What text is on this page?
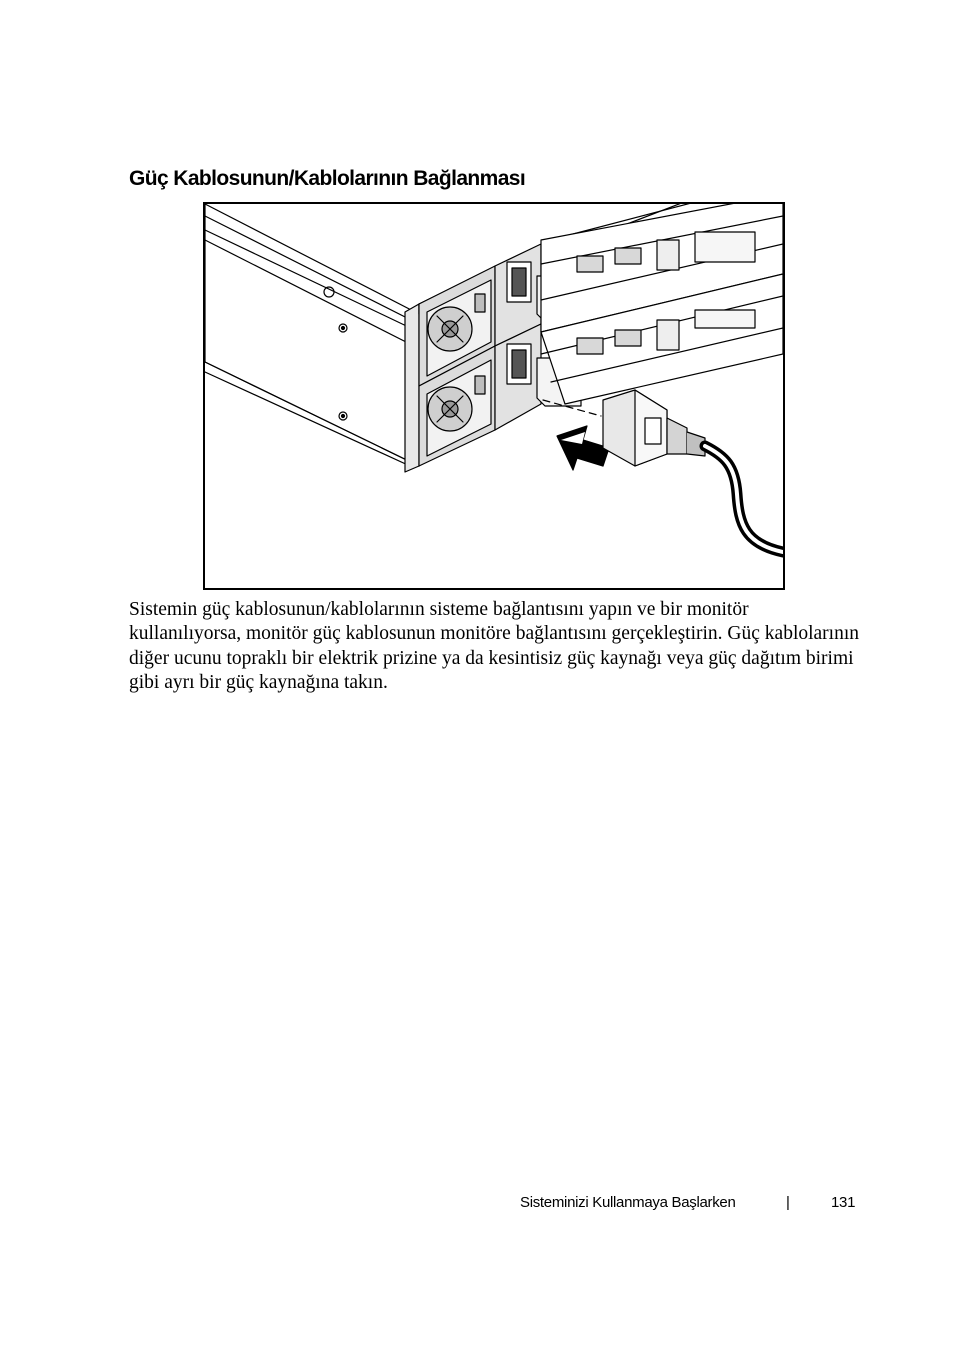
Güç Kablosunun/Kablolarının Bağlanması

Sistemin güç kablosunun/kablolarının sisteme bağlantısını yapın ve bir monitör kullanılıyorsa, monitör güç kablosunun monitöre bağlantısını gerçekleştirin. Güç kablolarının diğer ucunu topraklı bir elektrik prizine ya da kesintisiz güç kaynağı veya güç dağıtım birimi gibi ayrı bir güç kaynağına takın.

Sisteminizi Kullanmaya Başlarken	|	131
